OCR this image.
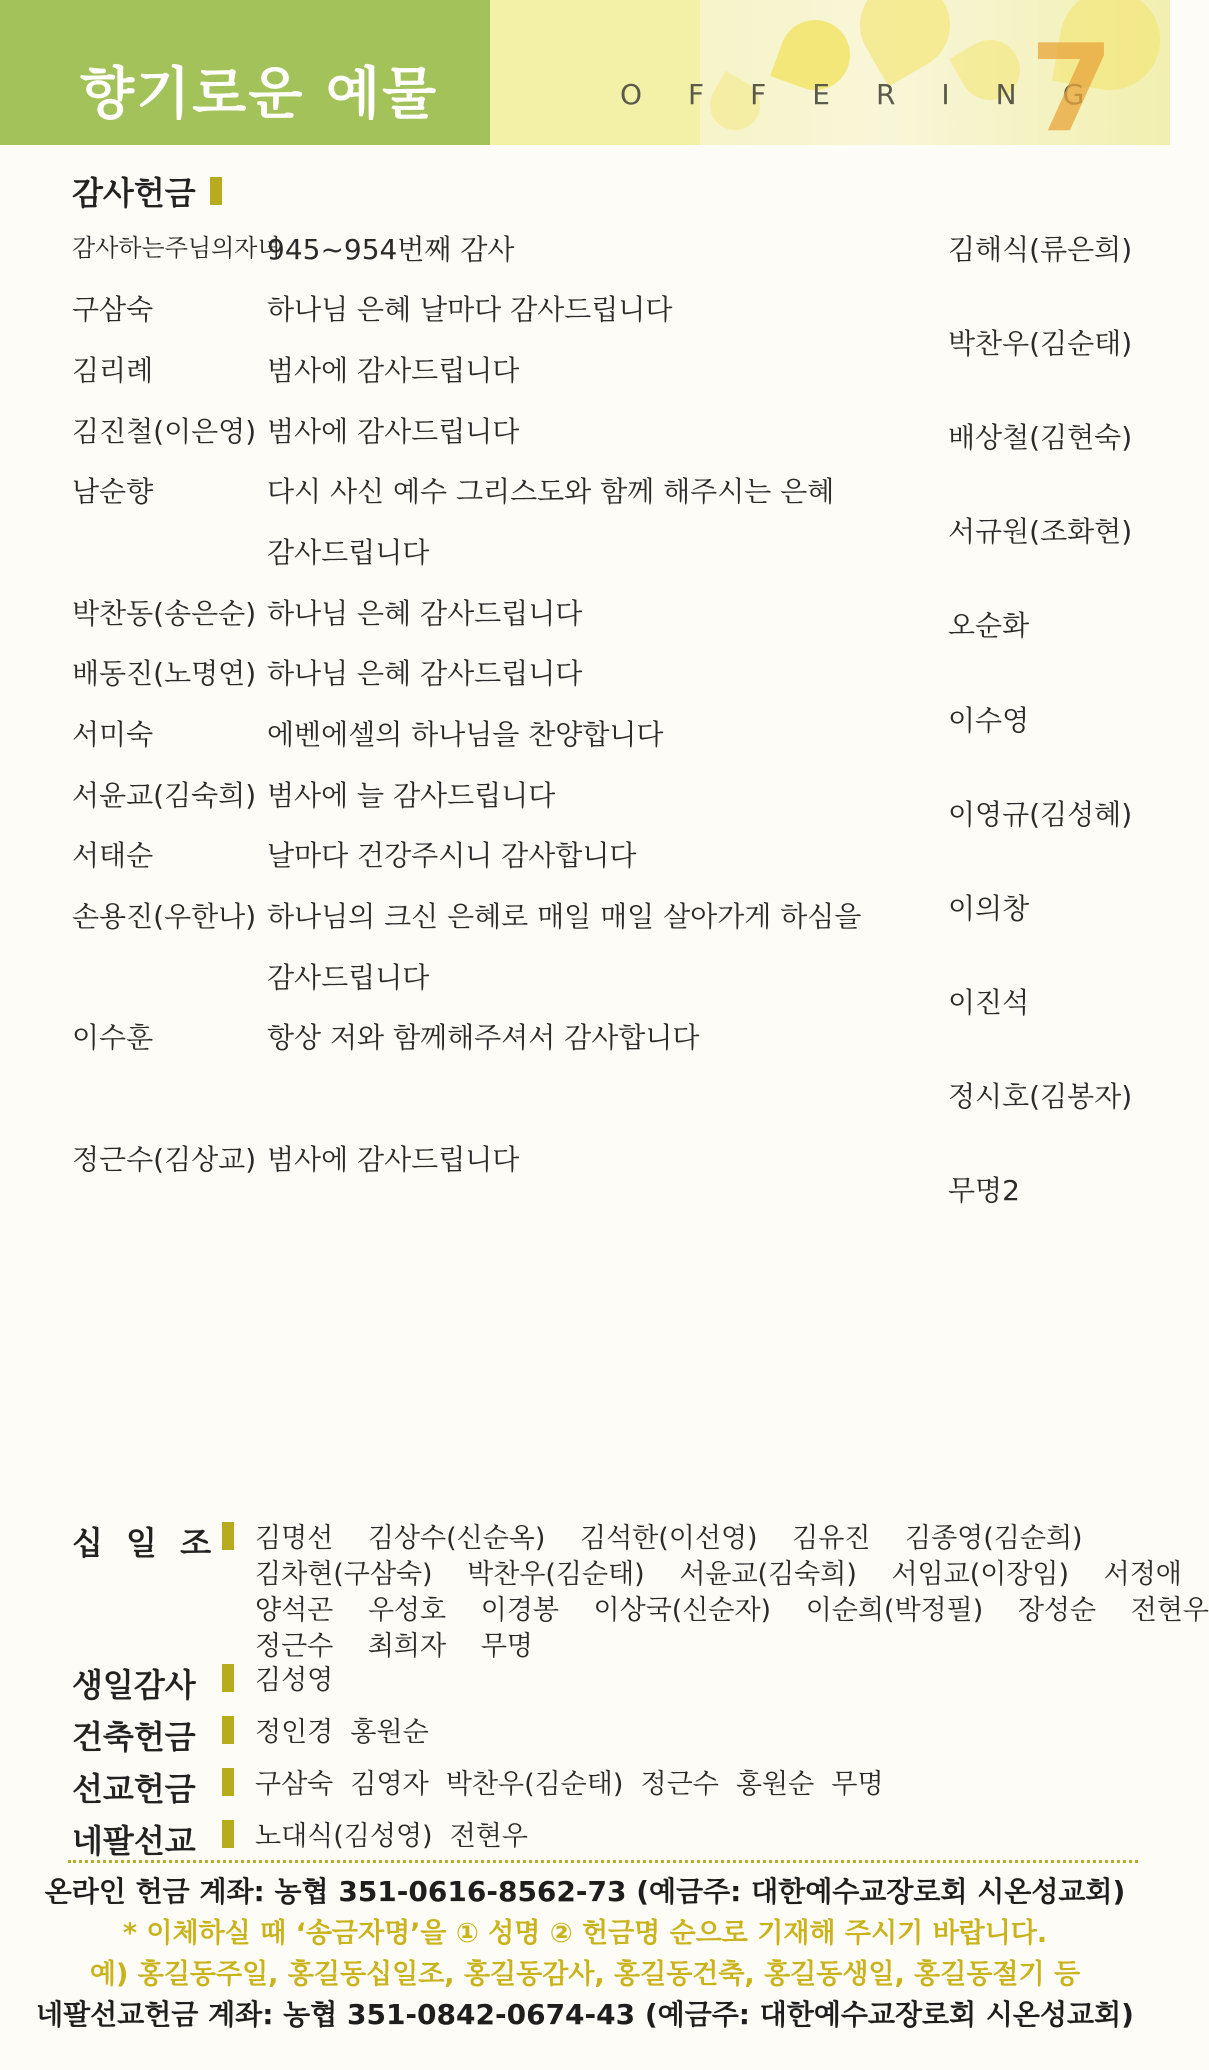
향기로운 예물	OFFERING
7
감사헌금
감사하는주님의자녀
구삼숙
김리례
김진철(이은영)
남순향
박찬동(송은순)
배동진(노명연)
서미숙
서윤교(김숙희)
서태순
손용진(우한나)
이수훈
정근수(김상교)
945~954번째 감사
하나님 은혜 날마다 감사드립니다
범사에 감사드립니다
범사에 감사드립니다
다시 사신 예수 그리스도와 함께 해주시는 은혜
감사드립니다
하나님 은혜 감사드립니다
하나님 은혜 감사드립니다
에벤에셀의 하나님을 찬양합니다
범사에 늘 감사드립니다
날마다 건강주시니 감사합니다
하나님의 크신 은혜로 매일 매일 살아가게 하심을
감사드립니다
항상 저와 함께해주셔서 감사합니다
범사에 감사드립니다
김해식(류은희)
박찬우(김순태)
배상철(김현숙)
서규원(조화현)
오순화
이수영
이영규(김성혜)
이의창
이진석
정시호(김봉자)
무명2
십 일 조 김명선 김상수(신순옥) 김석한(이선영) 김유진 김종영(김순희)
김차현(구삼숙) 박찬우(김순태) 서윤교(김숙희) 서임교(이장임) 서정애
양석곤 우성호 이경봉 이상국(신순자) 이순희(박정필) 장성순 전현우
정근수 최희자 무명
생일감사 김성영
건축헌금 정인경  홍원순
선교헌금 구삼숙  김영자  박찬우(김순태)  정근수  홍원순  무명
네팔선교 노대식(김성영)  전현우
온라인 헌금 계좌: 농협 351-0616-8562-73 (예금주: 대한예수교장로회 시온성교회)
* 이체하실 때 ‘송금자명’을 ① 성명 ② 헌금명 순으로 기재해 주시기 바랍니다.
예) 홍길동주일, 홍길동십일조, 홍길동감사, 홍길동건축, 홍길동생일, 홍길동절기 등
네팔선교헌금 계좌: 농협 351-0842-0674-43 (예금주: 대한예수교장로회 시온성교회)
